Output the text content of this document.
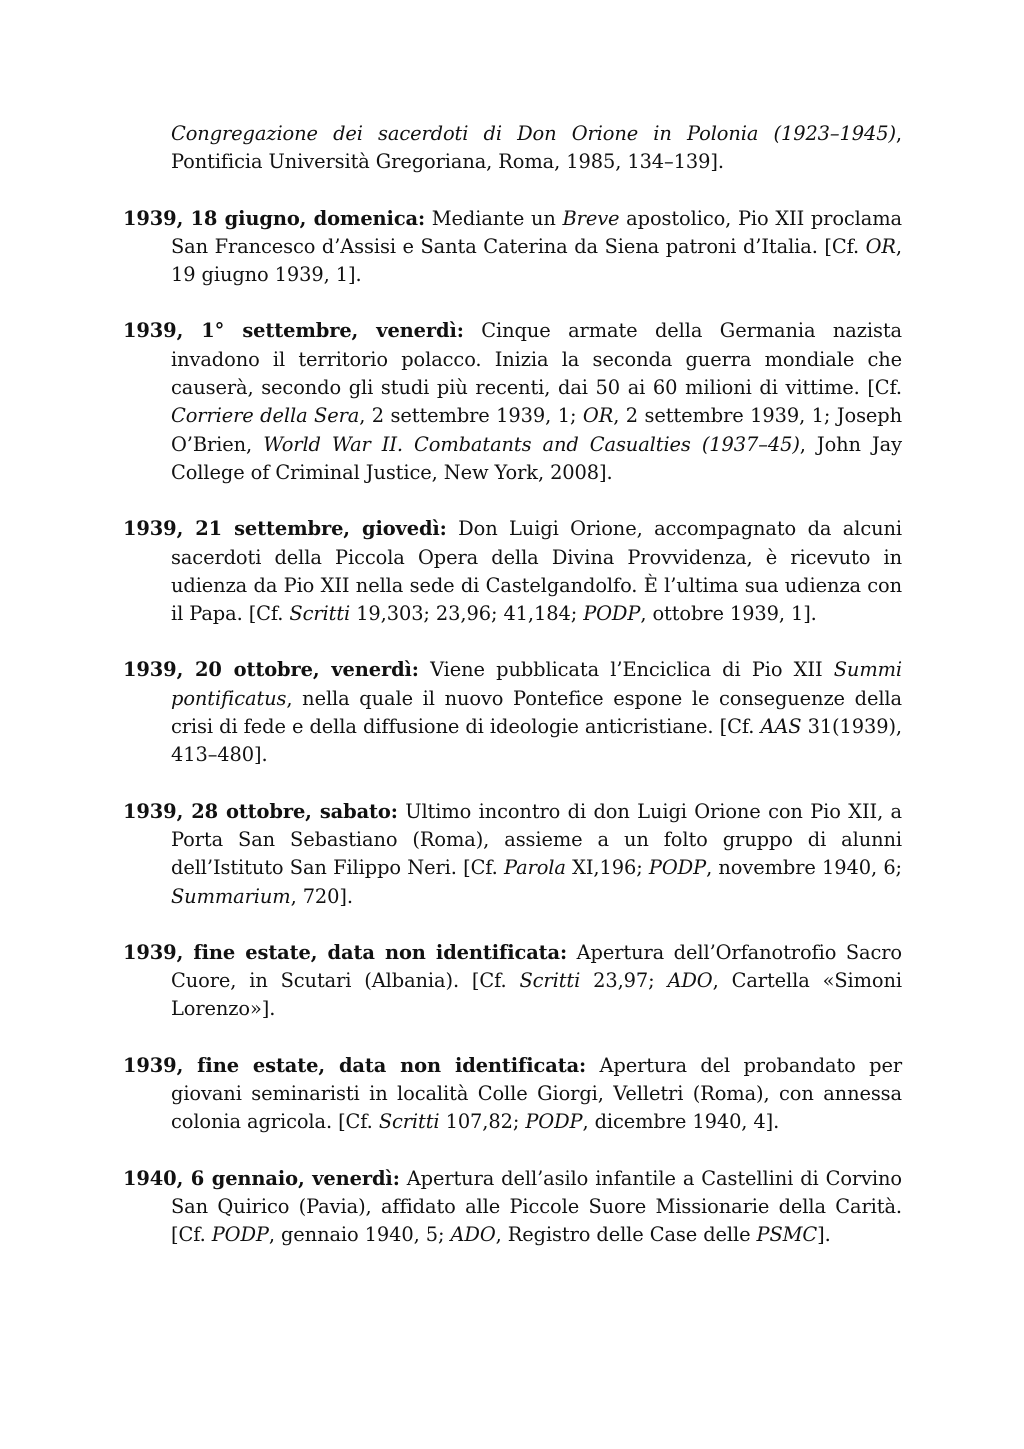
Congregazione dei sacerdoti di Don Orione in Polonia (1923–1945), Pontificia Università Gregoriana, Roma, 1985, 134–139].

1939, 18 giugno, domenica: Mediante un Breve apostolico, Pio XII proclama San Francesco d’Assisi e Santa Caterina da Siena patroni d’Italia. [Cf. OR, 19 giugno 1939, 1].

1939, 1° settembre, venerdì: Cinque armate della Germania nazista invadono il territorio polacco. Inizia la seconda guerra mondiale che causerà, secondo gli studi più recenti, dai 50 ai 60 milioni di vittime. [Cf. Corriere della Sera, 2 settembre 1939, 1; OR, 2 settembre 1939, 1; Joseph O’Brien, World War II. Combatants and Casualties (1937–45), John Jay College of Criminal Justice, New York, 2008].

1939, 21 settembre, giovedì: Don Luigi Orione, accompagnato da alcuni sacerdoti della Piccola Opera della Divina Provvidenza, è ricevuto in udienza da Pio XII nella sede di Castelgandolfo. È l’ultima sua udienza con il Papa. [Cf. Scritti 19,303; 23,96; 41,184; PODP, ottobre 1939, 1].

1939, 20 ottobre, venerdì: Viene pubblicata l’Enciclica di Pio XII Summi pontificatus, nella quale il nuovo Pontefice espone le conseguenze della crisi di fede e della diffusione di ideologie anticristiane. [Cf. AAS 31(1939), 413–480].

1939, 28 ottobre, sabato: Ultimo incontro di don Luigi Orione con Pio XII, a Porta San Sebastiano (Roma), assieme a un folto gruppo di alunni dell’Istituto San Filippo Neri. [Cf. Parola XI,196; PODP, novembre 1940, 6; Summarium, 720].

1939, fine estate, data non identificata: Apertura dell’Orfanotrofio Sacro Cuore, in Scutari (Albania). [Cf. Scritti 23,97; ADO, Cartella «Simoni Lorenzo»].

1939, fine estate, data non identificata: Apertura del probandato per giovani seminaristi in località Colle Giorgi, Velletri (Roma), con annessa colonia agricola. [Cf. Scritti 107,82; PODP, dicembre 1940, 4].

1940, 6 gennaio, venerdì: Apertura dell’asilo infantile a Castellini di Corvino San Quirico (Pavia), affidato alle Piccole Suore Missionarie della Carità. [Cf. PODP, gennaio 1940, 5; ADO, Registro delle Case delle PSMC].
